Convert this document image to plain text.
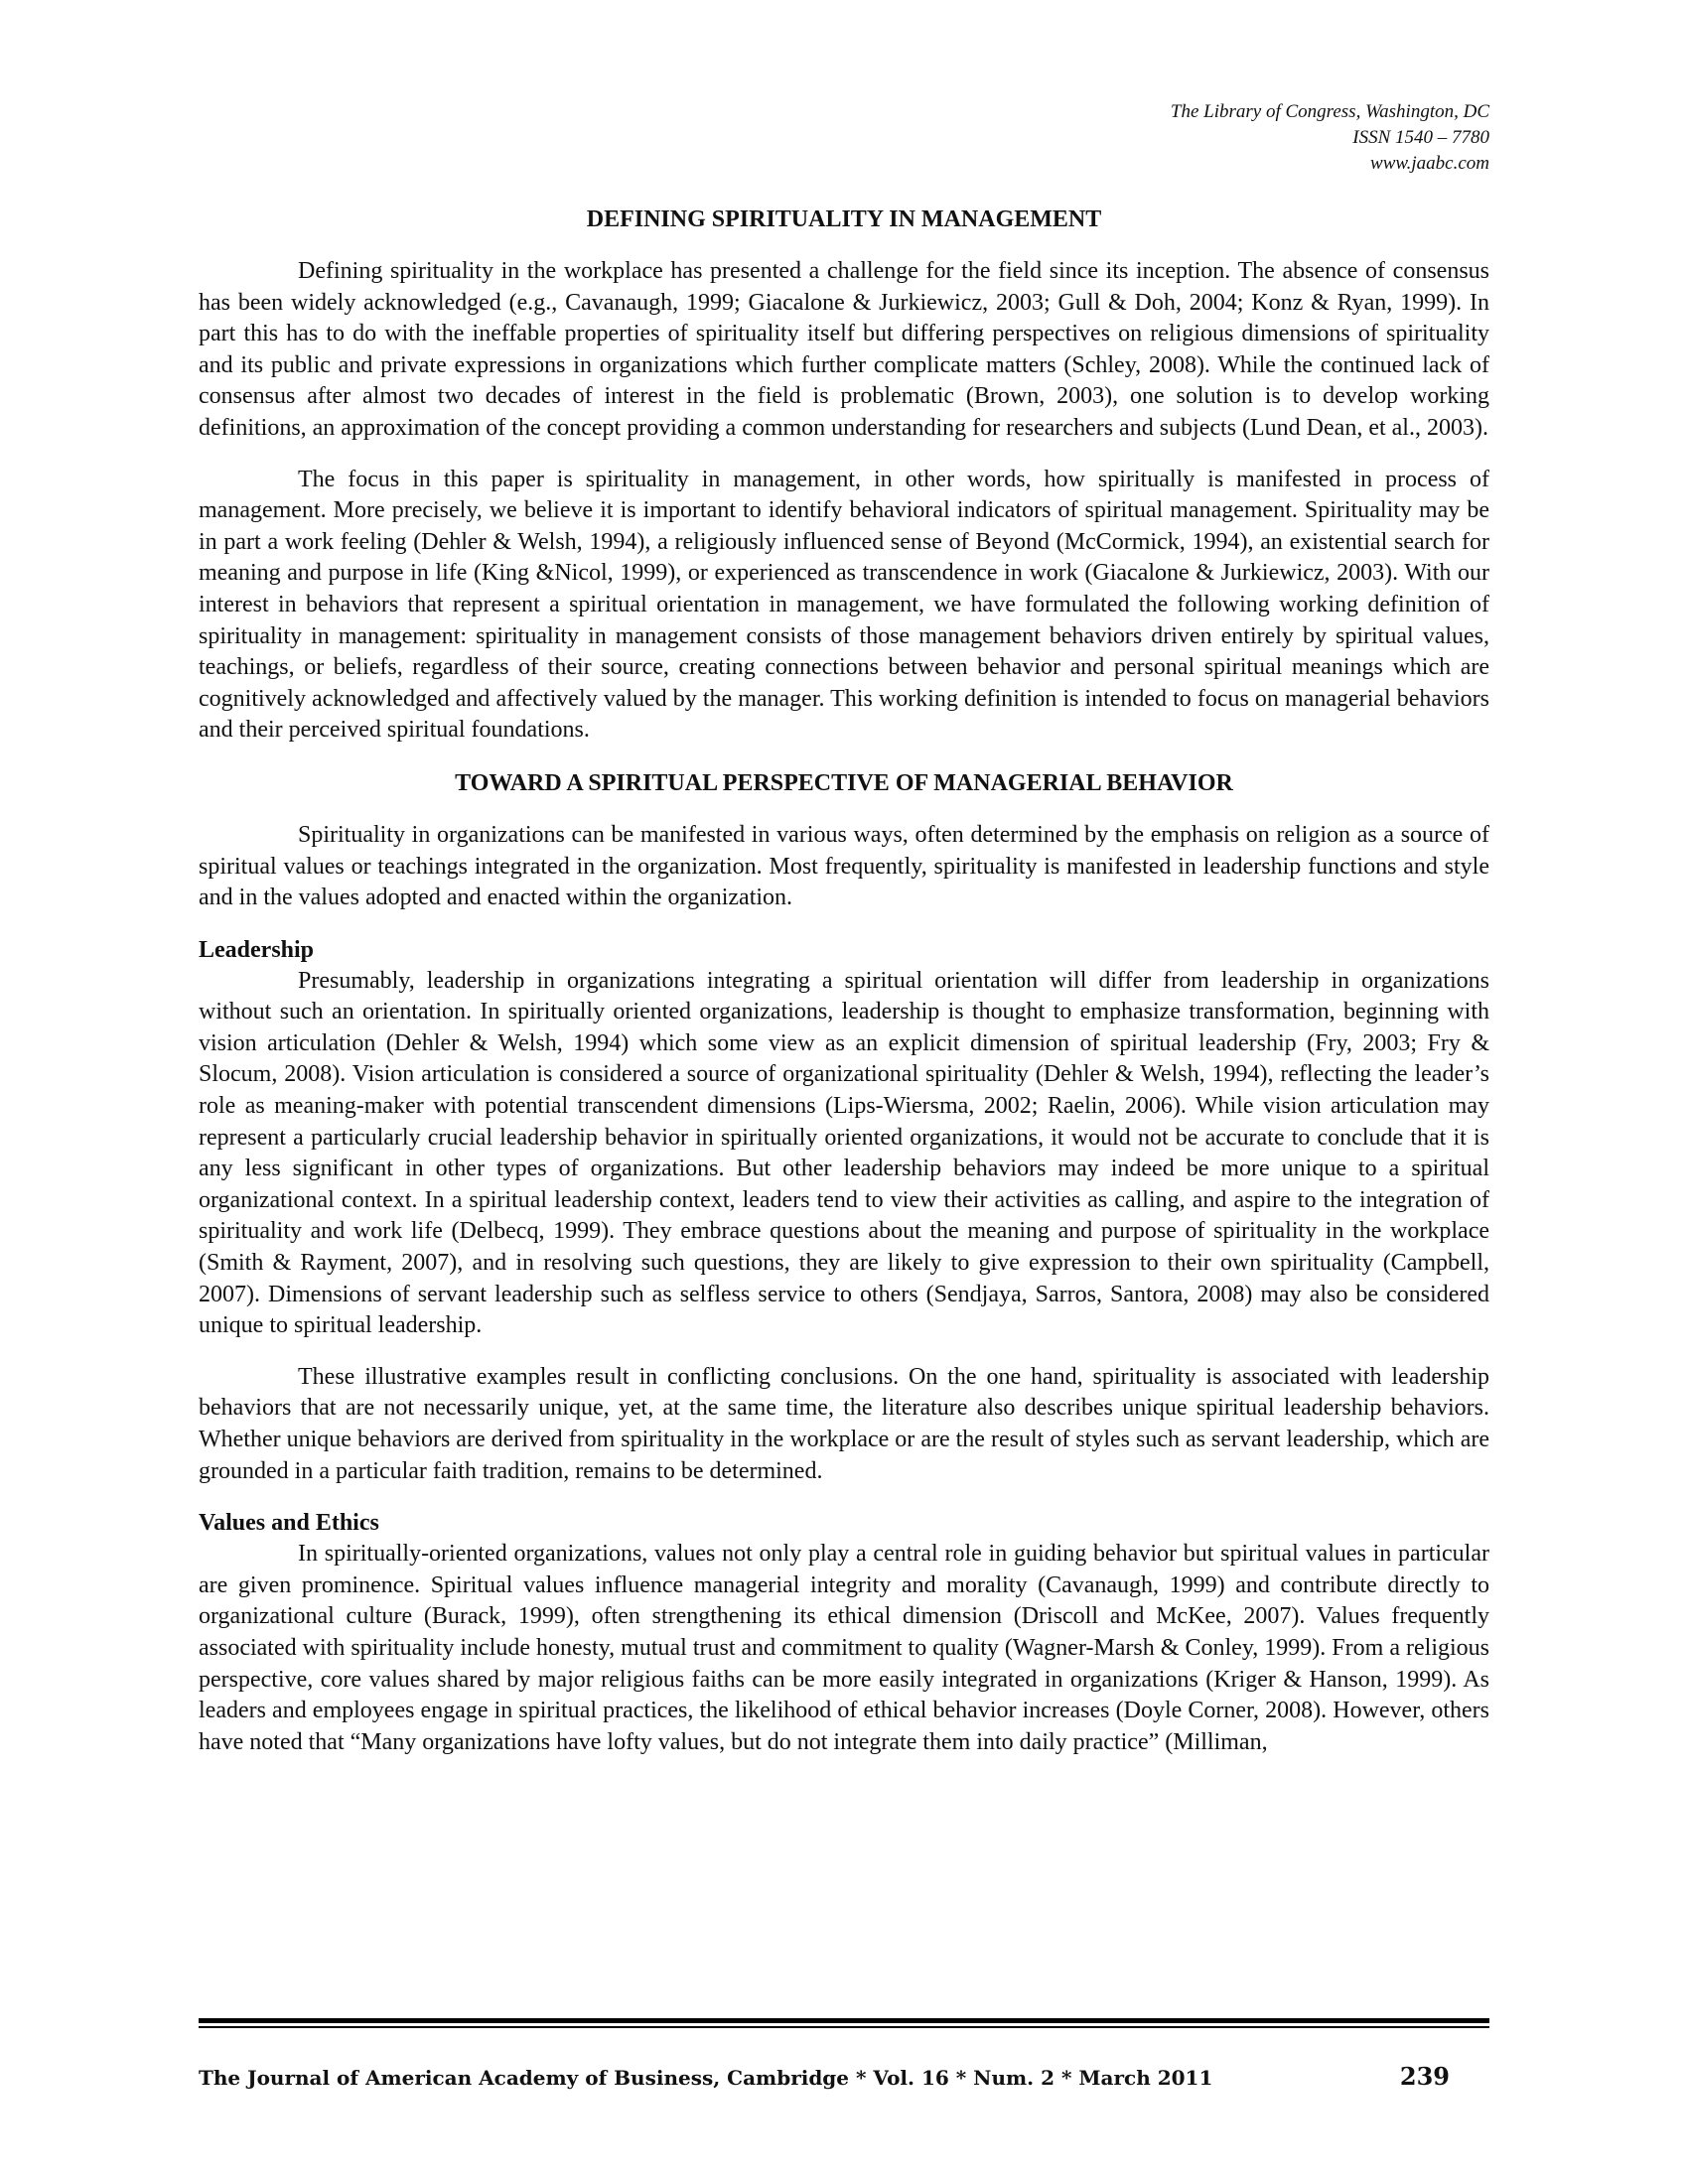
The Library of Congress, Washington, DC
ISSN 1540 – 7780
www.jaabc.com
DEFINING SPIRITUALITY IN MANAGEMENT

Defining spirituality in the workplace has presented a challenge for the field since its inception. The absence of consensus has been widely acknowledged (e.g., Cavanaugh, 1999; Giacalone & Jurkiewicz, 2003; Gull & Doh, 2004; Konz & Ryan, 1999). In part this has to do with the ineffable properties of spirituality itself but differing perspectives on religious dimensions of spirituality and its public and private expressions in organizations which further complicate matters (Schley, 2008). While the continued lack of consensus after almost two decades of interest in the field is problematic (Brown, 2003), one solution is to develop working definitions, an approximation of the concept providing a common understanding for researchers and subjects (Lund Dean, et al., 2003).

The focus in this paper is spirituality in management, in other words, how spiritually is manifested in process of management. More precisely, we believe it is important to identify behavioral indicators of spiritual management. Spirituality may be in part a work feeling (Dehler & Welsh, 1994), a religiously influenced sense of Beyond (McCormick, 1994), an existential search for meaning and purpose in life (King &Nicol, 1999), or experienced as transcendence in work (Giacalone & Jurkiewicz, 2003). With our interest in behaviors that represent a spiritual orientation in management, we have formulated the following working definition of spirituality in management: spirituality in management consists of those management behaviors driven entirely by spiritual values, teachings, or beliefs, regardless of their source, creating connections between behavior and personal spiritual meanings which are cognitively acknowledged and affectively valued by the manager. This working definition is intended to focus on managerial behaviors and their perceived spiritual foundations.

TOWARD A SPIRITUAL PERSPECTIVE OF MANAGERIAL BEHAVIOR

Spirituality in organizations can be manifested in various ways, often determined by the emphasis on religion as a source of spiritual values or teachings integrated in the organization. Most frequently, spirituality is manifested in leadership functions and style and in the values adopted and enacted within the organization.

Leadership

Presumably, leadership in organizations integrating a spiritual orientation will differ from leadership in organizations without such an orientation. In spiritually oriented organizations, leadership is thought to emphasize transformation, beginning with vision articulation (Dehler & Welsh, 1994) which some view as an explicit dimension of spiritual leadership (Fry, 2003; Fry & Slocum, 2008). Vision articulation is considered a source of organizational spirituality (Dehler & Welsh, 1994), reflecting the leader’s role as meaning-maker with potential transcendent dimensions (Lips-Wiersma, 2002; Raelin, 2006). While vision articulation may represent a particularly crucial leadership behavior in spiritually oriented organizations, it would not be accurate to conclude that it is any less significant in other types of organizations. But other leadership behaviors may indeed be more unique to a spiritual organizational context. In a spiritual leadership context, leaders tend to view their activities as calling, and aspire to the integration of spirituality and work life (Delbecq, 1999). They embrace questions about the meaning and purpose of spirituality in the workplace (Smith & Rayment, 2007), and in resolving such questions, they are likely to give expression to their own spirituality (Campbell, 2007). Dimensions of servant leadership such as selfless service to others (Sendjaya, Sarros, Santora, 2008) may also be considered unique to spiritual leadership.

These illustrative examples result in conflicting conclusions. On the one hand, spirituality is associated with leadership behaviors that are not necessarily unique, yet, at the same time, the literature also describes unique spiritual leadership behaviors. Whether unique behaviors are derived from spirituality in the workplace or are the result of styles such as servant leadership, which are grounded in a particular faith tradition, remains to be determined.

Values and Ethics

In spiritually-oriented organizations, values not only play a central role in guiding behavior but spiritual values in particular are given prominence. Spiritual values influence managerial integrity and morality (Cavanaugh, 1999) and contribute directly to organizational culture (Burack, 1999), often strengthening its ethical dimension (Driscoll and McKee, 2007). Values frequently associated with spirituality include honesty, mutual trust and commitment to quality (Wagner-Marsh & Conley, 1999). From a religious perspective, core values shared by major religious faiths can be more easily integrated in organizations (Kriger & Hanson, 1999). As leaders and employees engage in spiritual practices, the likelihood of ethical behavior increases (Doyle Corner, 2008). However, others have noted that “Many organizations have lofty values, but do not integrate them into daily practice” (Milliman,

The Journal of American Academy of Business, Cambridge * Vol. 16 * Num. 2 * March 2011	239
